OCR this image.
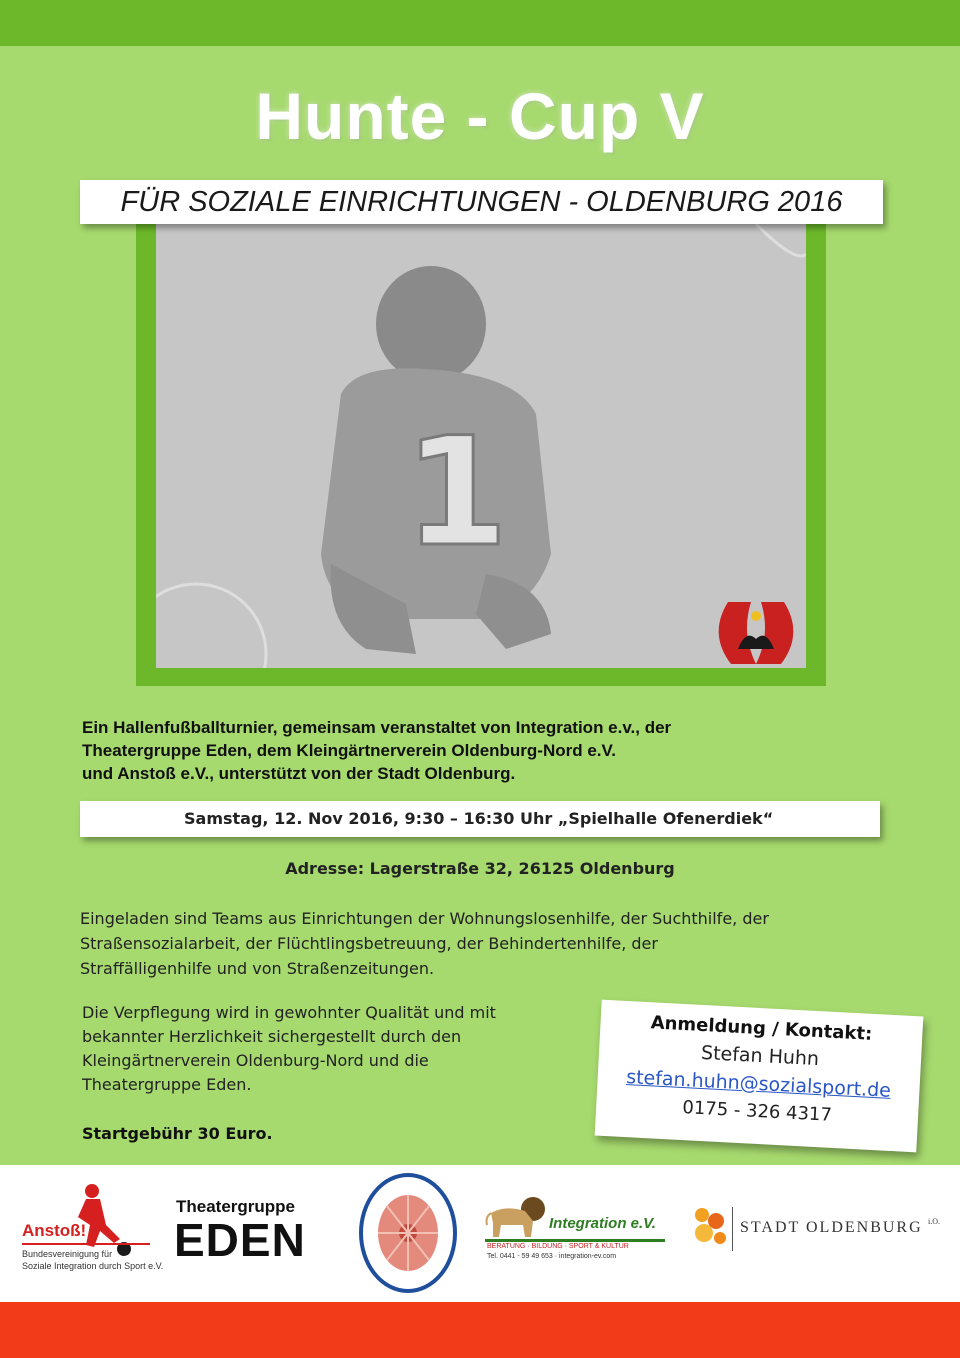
Hunte - Cup V
1
FÜR SOZIALE EINRICHTUNGEN - OLDENBURG 2016
Ein Hallenfußballturnier, gemeinsam veranstaltet von Integration e.v., der
Theatergruppe Eden, dem Kleingärtnerverein Oldenburg-Nord e.V.
und Anstoß e.V., unterstützt von der Stadt Oldenburg.
Samstag, 12. Nov 2016, 9:30 – 16:30 Uhr „Spielhalle Ofenerdiek“
Adresse: Lagerstraße 32, 26125 Oldenburg
Eingeladen sind Teams aus Einrichtungen der Wohnungslosenhilfe, der Suchthilfe, der
Straßensozialarbeit, der Flüchtlingsbetreuung, der Behindertenhilfe, der
Straffälligenhilfe und von Straßenzeitungen.
Die Verpflegung wird in gewohnter Qualität und mit
bekannter Herzlichkeit sichergestellt durch den
Kleingärtnerverein Oldenburg-Nord und die
Theatergruppe Eden.
Startgebühr 30 Euro.
Anmeldung / Kontakt:
Stefan Huhn
stefan.huhn@sozialsport.de
0175 - 326 4317
Anstoß!
Bundesvereinigung für
Soziale Integration durch Sport e.V.
Theatergruppe
EDEN	Integration e.V.
BERATUNG · BILDUNG · SPORT & KULTUR
Tel. 0441 - 59 49 653 · integration-ev.com
STADT OLDENBURG i.O.
